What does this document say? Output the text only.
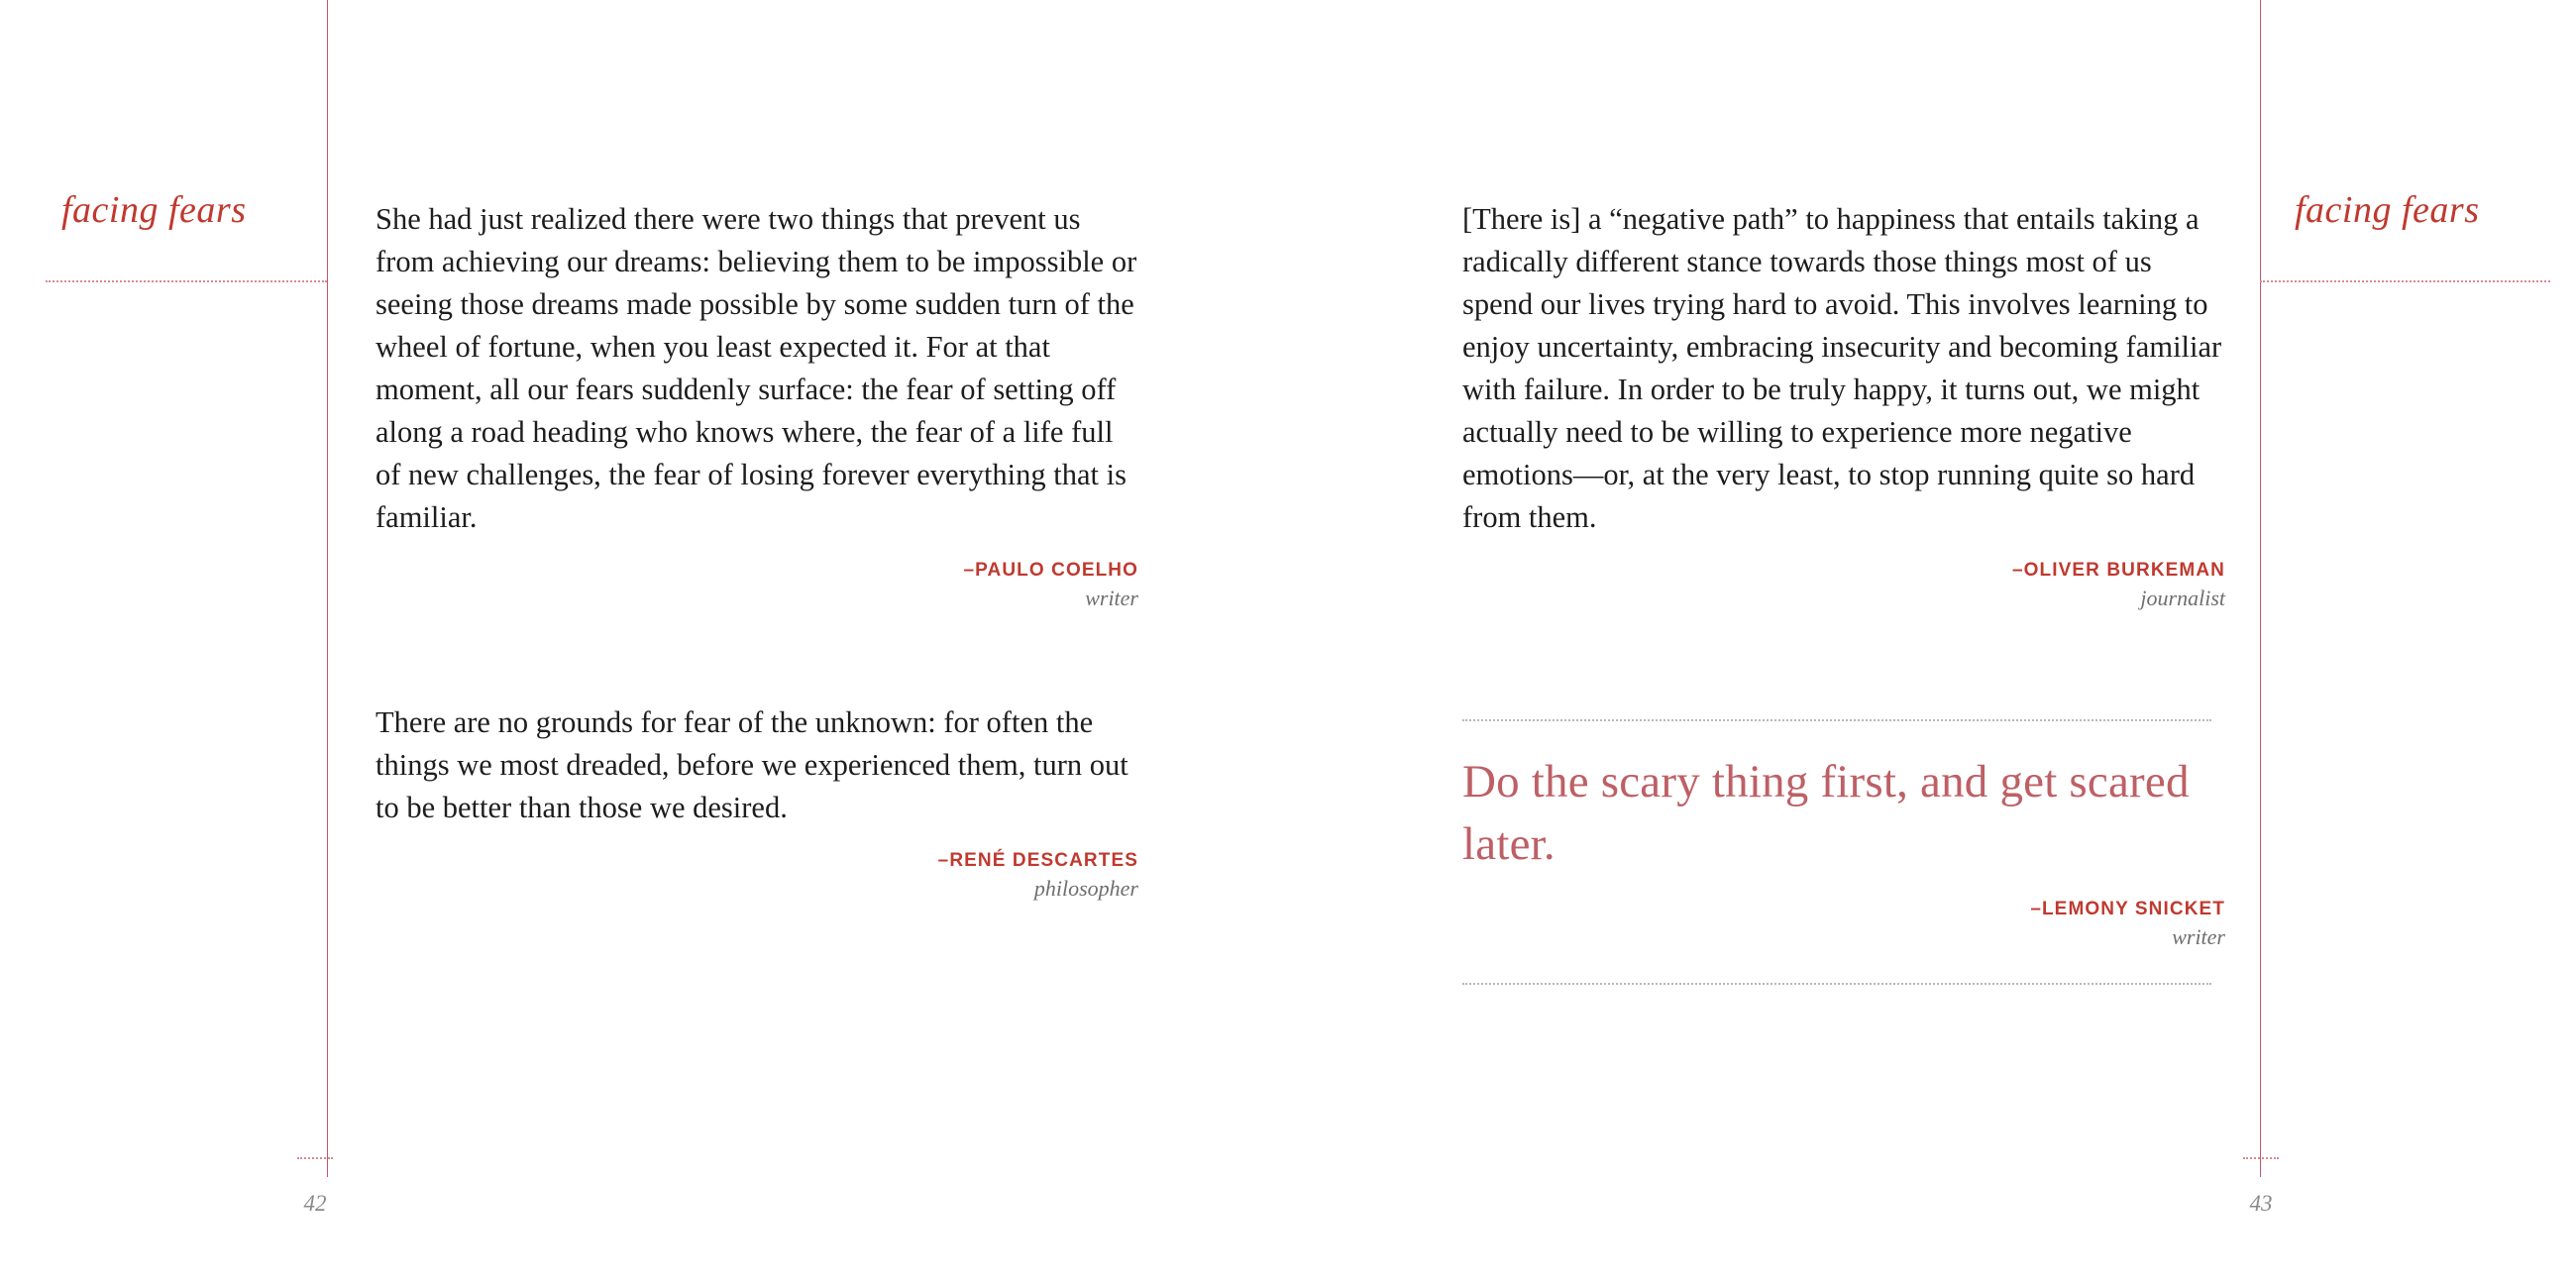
facing fears	facing fears
42	43

She had just realized there were two things that prevent us from achieving our dreams: believing them to be impossible or seeing those dreams made possible by some sudden turn of the wheel of fortune, when you least expected it. For at that moment, all our fears suddenly surface: the fear of setting off along a road heading who knows where, the fear of a life full of new challenges, the fear of losing forever everything that is familiar.

–PAULO COELHO
writer

There are no grounds for fear of the unknown: for often the things we most dreaded, before we experienced them, turn out to be better than those we desired.

–RENÉ DESCARTES
philosopher

[There is] a “negative path” to happiness that entails taking a radically different stance towards those things most of us spend our lives trying hard to avoid. This involves learning to enjoy uncertainty, embracing insecurity and becoming familiar with failure. In order to be truly happy, it turns out, we might actually need to be willing to experience more negative emotions—or, at the very least, to stop running quite so hard from them.

–OLIVER BURKEMAN
journalist

Do the scary thing first, and get scared later.

–LEMONY SNICKET
writer
